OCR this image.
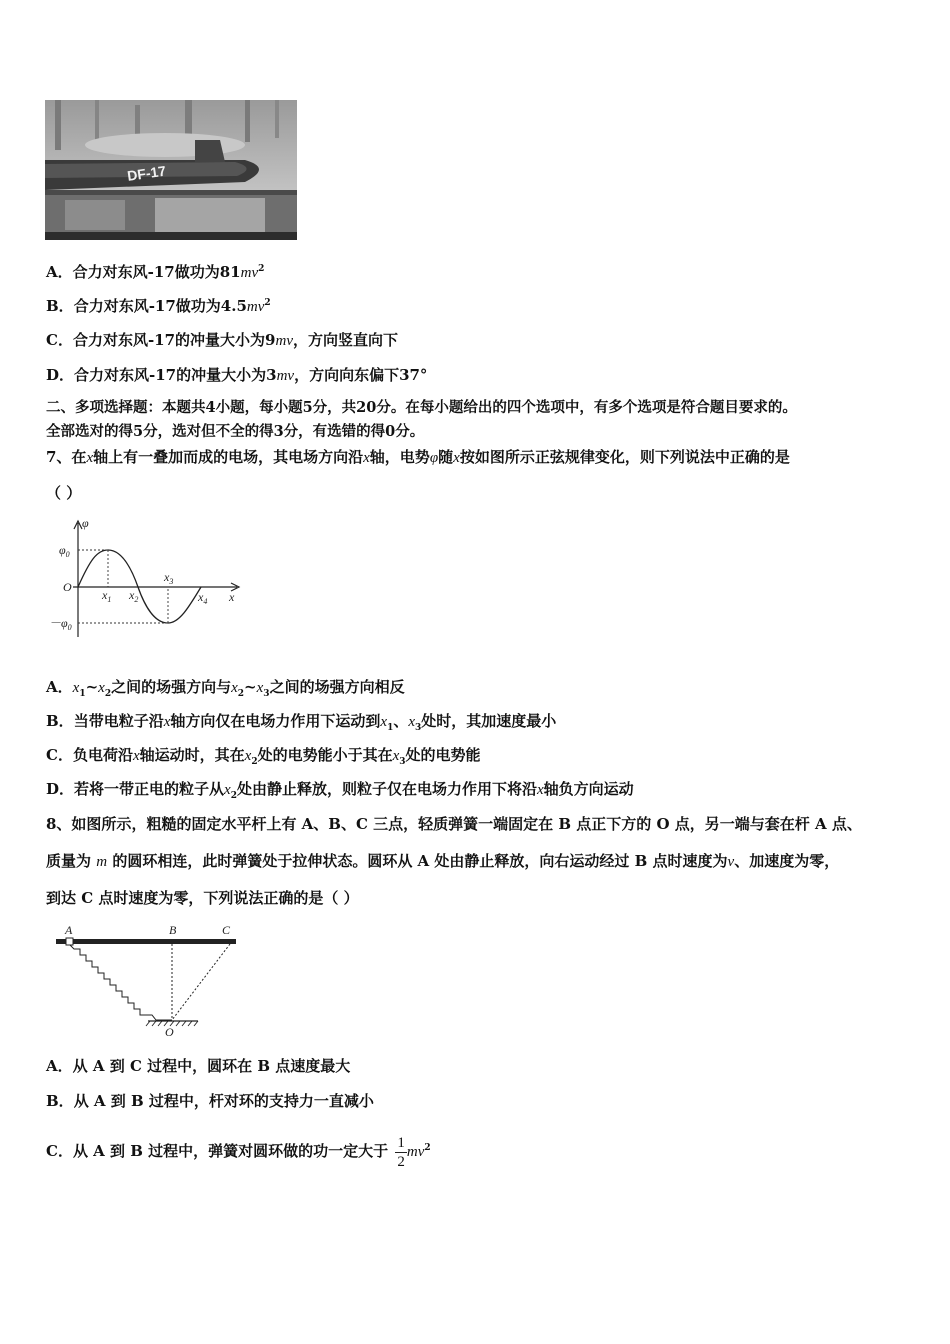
DF-17
A．合力对东风-17做功为$81mv^2$
B．合力对东风-17做功为$4.5mv^2$
C．合力对东风-17的冲量大小为9mv，方向竖直向下
D．合力对东风-17的冲量大小为3mv，方向向东偏下37°
二、多项选择题：本题共4小题，每小题5分，共20分。在每小题给出的四个选项中，有多个选项是符合题目要求的。
全部选对的得5分，选对但不全的得3分，有选错的得0分。
7、在x轴上有一叠加而成的电场，其电场方向沿x轴，电势φ随x按如图所示正弦规律变化，则下列说法中正确的是
（ ）
φ
x
O
$\varphi_0$
$-\varphi_0$
$x_1$ $x_2$
$x_3$
$x_4$
A．$x_1\sim x_2$之间的场强方向与$x_2\sim x_3$之间的场强方向相反
B．当带电粒子沿x轴方向仅在电场力作用下运动到$x_1$、$x_3$处时，其加速度最小
C．负电荷沿x轴运动时，其在$x_2$处的电势能小于其在$x_3$处的电势能
D．若将一带正电的粒子从$x_2$处由静止释放，则粒子仅在电场力作用下将沿x轴负方向运动
8、如图所示，粗糙的固定水平杆上有 A、B、C 三点，轻质弹簧一端固定在 B 点正下方的 O 点，另一端与套在杆 A 点、
质量为 m 的圆环相连，此时弹簧处于拉伸状态。圆环从 A 处由静止释放，向右运动经过 B 点时速度为v、加速度为零，
到达 C 点时速度为零，下列说法正确的是（ ）
A	B	C
O
A．从 A 到 C 过程中，圆环在 B 点速度最大
B．从 A 到 B 过程中，杆对环的支持力一直减小
C．从 A 到 B 过程中，弹簧对圆环做的功一定大于 $\frac{1}{2} mv^2$
